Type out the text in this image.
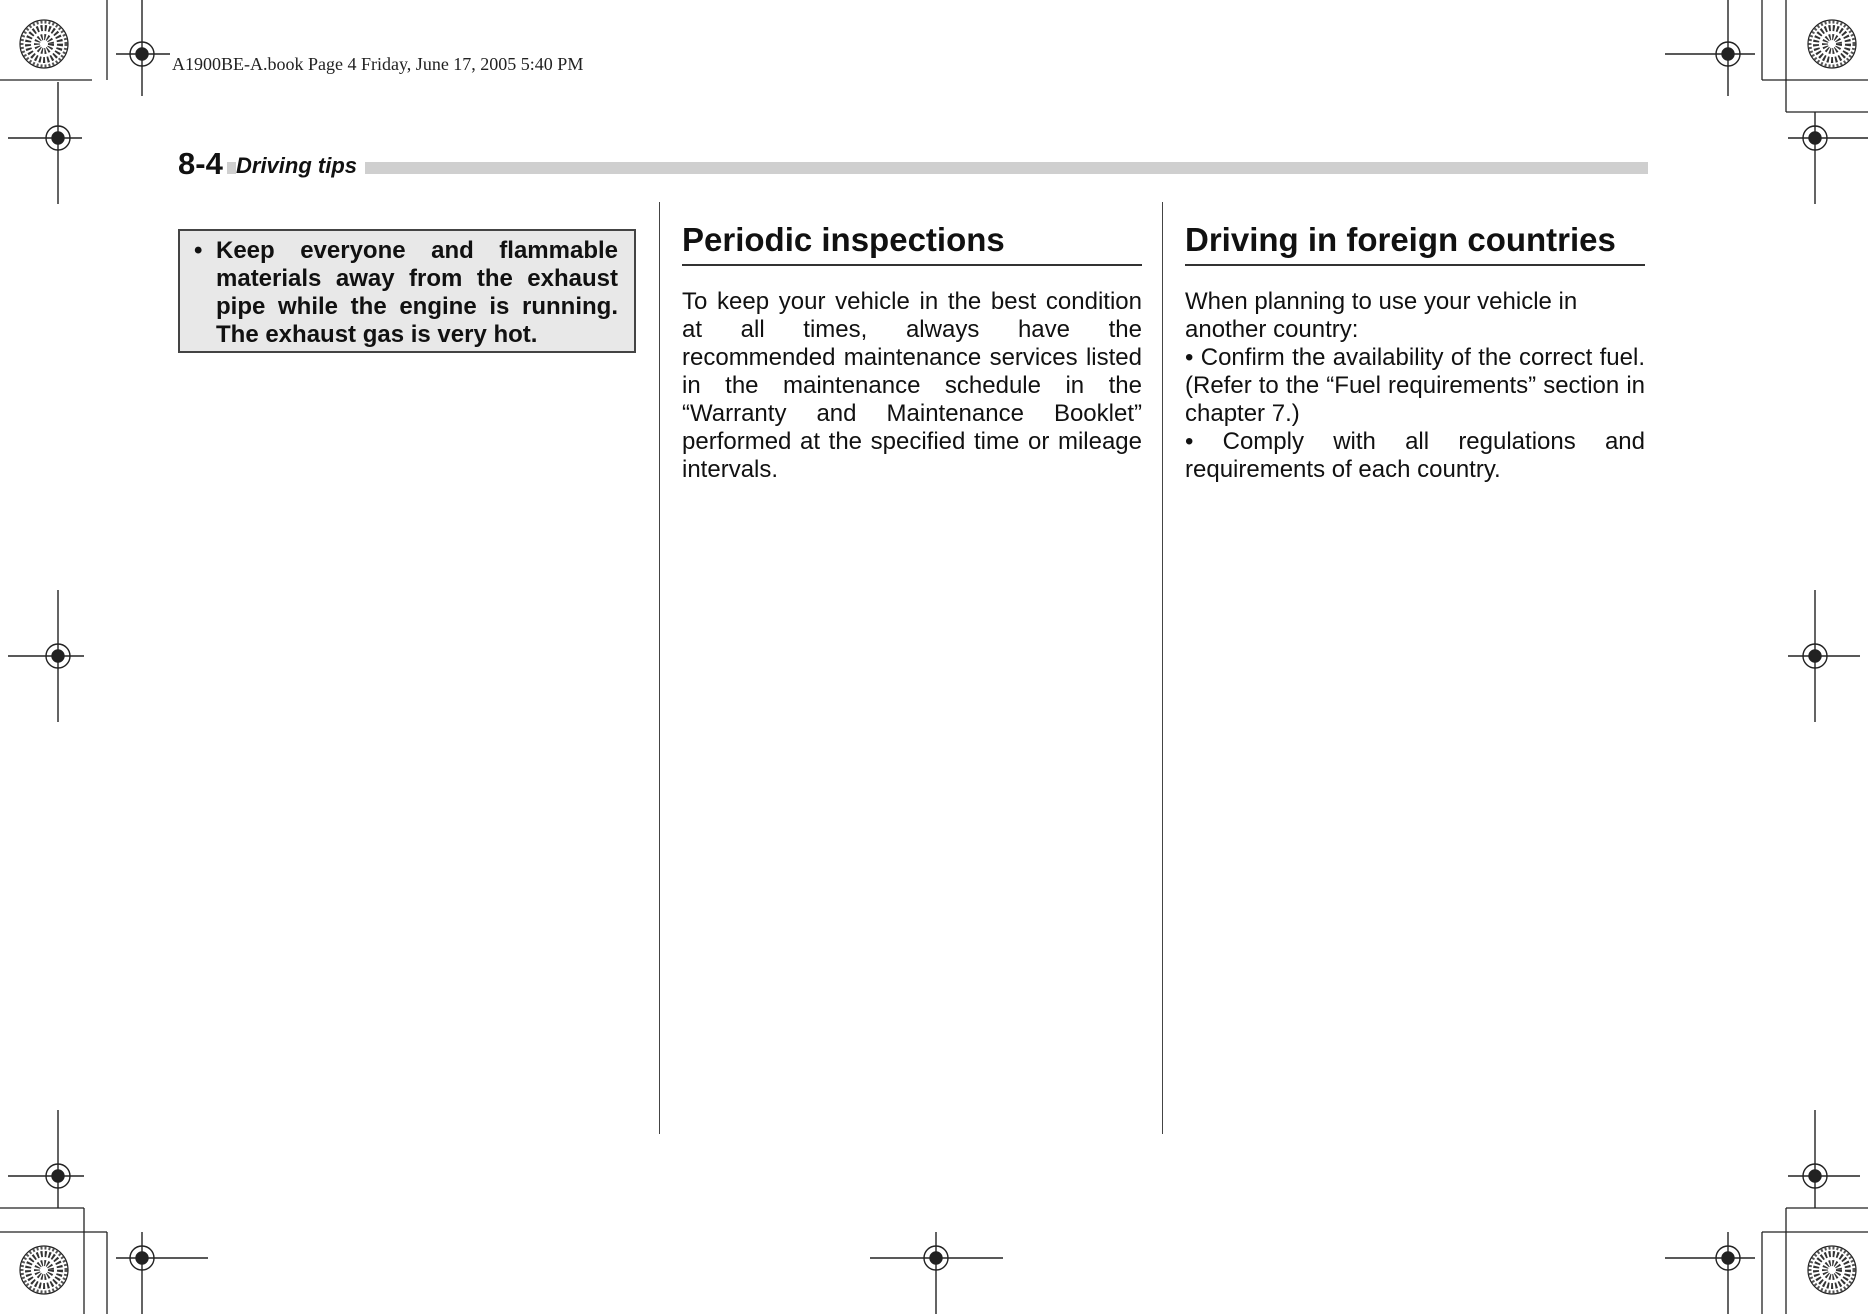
A1900BE-A.book Page 4 Friday, June 17, 2005 5:40 PM
8-4 Driving tips
• Keep everyone and flammable materials away from the exhaust pipe while the engine is running. The exhaust gas is very hot.
Periodic inspections
To keep your vehicle in the best condition at all times, always have the recommended maintenance services listed in the maintenance schedule in the “Warranty and Maintenance Booklet” performed at the specified time or mileage intervals.
Driving in foreign countries
When planning to use your vehicle in another country:
• Confirm the availability of the correct fuel. (Refer to the “Fuel requirements” section in chapter 7.)
• Comply with all regulations and requirements of each country.
